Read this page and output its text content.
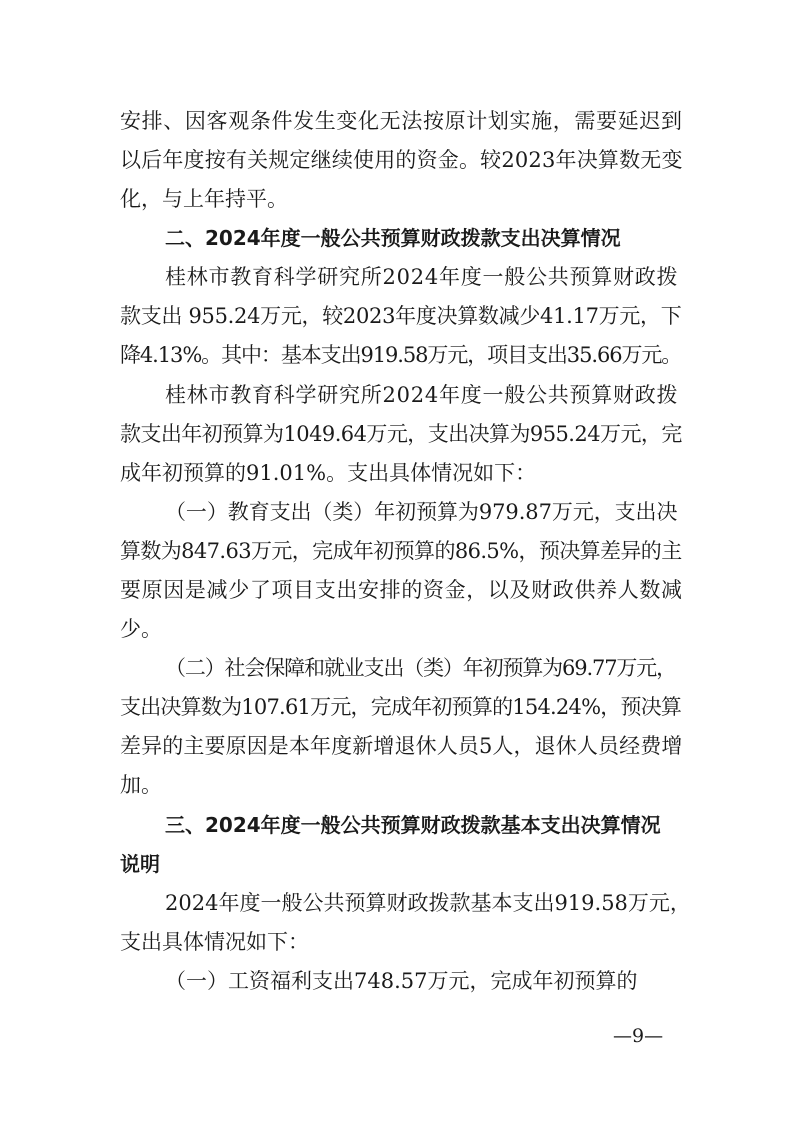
安排、因客观条件发生变化无法按原计划实施，需要延迟到

以后年度按有关规定继续使用的资金。较2023年决算数无变

化，与上年持平。

二、2024年度一般公共预算财政拨款支出决算情况

桂林市教育科学研究所2024年度一般公共预算财政拨

款支出 955.24万元，较2023年度决算数减少41.17万元，下

降4.13%。其中：基本支出919.58万元，项目支出35.66万元。

桂林市教育科学研究所2024年度一般公共预算财政拨

款支出年初预算为1049.64万元，支出决算为955.24万元，完

成年初预算的91.01%。支出具体情况如下：

（一）教育支出（类）年初预算为979.87万元，支出决

算数为847.63万元，完成年初预算的86.5%，预决算差异的主

要原因是减少了项目支出安排的资金，以及财政供养人数减

少。

（二）社会保障和就业支出（类）年初预算为69.77万元，

支出决算数为107.61万元，完成年初预算的154.24%，预决算

差异的主要原因是本年度新增退休人员5人，退休人员经费增

加。

三、2024年度一般公共预算财政拨款基本支出决算情况

说明

2024年度一般公共预算财政拨款基本支出919.58万元，

支出具体情况如下：

（一）工资福利支出748.57万元，完成年初预算的

—9—
